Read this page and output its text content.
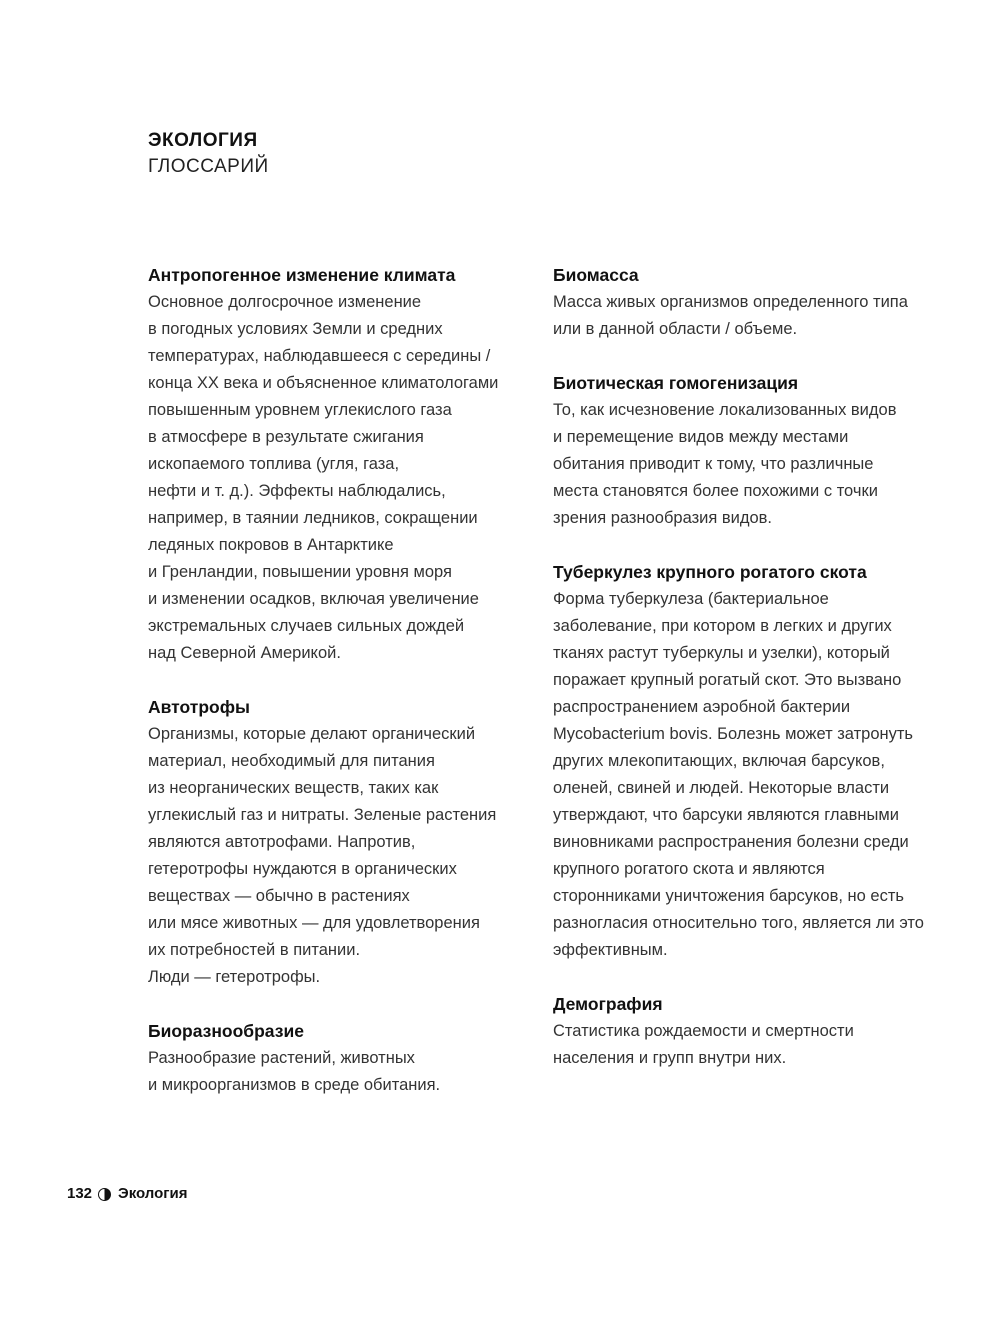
ЭКОЛОГИЯ
ГЛОССАРИЙ
Антропогенное изменение климата
Основное долгосрочное изменение
в погодных условиях Земли и средних
температурах, наблюдавшееся с середины /
конца XX века и объясненное климатологами
повышенным уровнем углекислого газа
в атмосфере в результате сжигания
ископаемого топлива (угля, газа,
нефти и т. д.). Эффекты наблюдались,
например, в таянии ледников, сокращении
ледяных покровов в Антарктике
и Гренландии, повышении уровня моря
и изменении осадков, включая увеличение
экстремальных случаев сильных дождей
над Северной Америкой.
Автотрофы
Организмы, которые делают органический
материал, необходимый для питания
из неорганических веществ, таких как
углекислый газ и нитраты. Зеленые растения
являются автотрофами. Напротив,
гетеротрофы нуждаются в органических
веществах — обычно в растениях
или мясе животных — для удовлетворения
их потребностей в питании.
Люди — гетеротрофы.
Биоразнообразие
Разнообразие растений, животных
и микроорганизмов в среде обитания.
Биомасса
Масса живых организмов определенного типа
или в данной области / объеме.
Биотическая гомогенизация
То, как исчезновение локализованных видов
и перемещение видов между местами
обитания приводит к тому, что различные
места становятся более похожими с точки
зрения разнообразия видов.
Туберкулез крупного рогатого скота
Форма туберкулеза (бактериальное
заболевание, при котором в легких и других
тканях растут туберкулы и узелки), который
поражает крупный рогатый скот. Это вызвано
распространением аэробной бактерии
Mycobacterium bovis. Болезнь может затронуть
других млекопитающих, включая барсуков,
оленей, свиней и людей. Некоторые власти
утверждают, что барсуки являются главными
виновниками распространения болезни среди
крупного рогатого скота и являются
сторонниками уничтожения барсуков, но есть
разногласия относительно того, является ли это
эффективным.
Демография
Статистика рождаемости и смертности
населения и групп внутри них.
132 Экология
